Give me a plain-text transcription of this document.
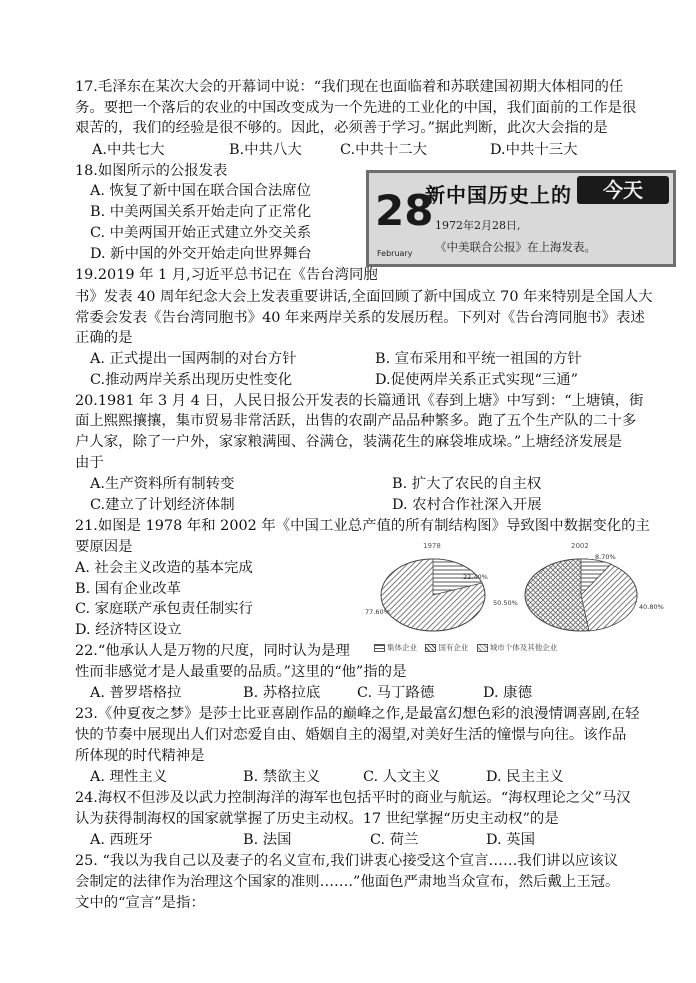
17.毛泽东在某次大会的开幕词中说：“我们现在也面临着和苏联建国初期大体相同的任
务。要把一个落后的农业的中国改变成为一个先进的工业化的中国，我们面前的工作是很
艰苦的，我们的经验是很不够的。因此，必须善于学习。”据此判断，此次大会指的是
A.中共七大	B.中共八大	C.中共十二大	D.中共十三大
18.如图所示的公报发表
A. 恢复了新中国在联合国合法席位
B. 中美两国关系开始走向了正常化
C. 中美两国开始正式建立外交关系
D. 新中国的外交开始走向世界舞台
新中国历史上的	今天
28
February
1972年2月28日,
《中美联合公报》在上海发表。
19.2019 年 1 月,习近平总书记在《告台湾同胞
书》发表 40 周年纪念大会上发表重要讲话,全面回顾了新中国成立 70 年来特别是全国人大
常委会发表《告台湾同胞书》40 年来两岸关系的发展历程。下列对《告台湾同胞书》表述
正确的是
A. 正式提出一国两制的对台方针	B. 宣布采用和平统一祖国的方针
C.推动两岸关系出现历史性变化	D.促使两岸关系正式实现“三通”
20.1981 年 3 月 4 日，人民日报公开发表的长篇通讯《春到上塘》中写到：“上塘镇，街
面上熙熙攘攘，集市贸易非常活跃，出售的农副产品品种繁多。跑了五个生产队的二十多
户人家，除了一户外，家家粮满囤、谷满仓，装满花生的麻袋堆成垛。”上塘经济发展是
由于
A.生产资料所有制转变	B. 扩大了农民的自主权
C.建立了计划经济体制	D. 农村合作社深入开展
21.如图是 1978 年和 2002 年《中国工业总产值的所有制结构图》导致图中数据变化的主
要原因是
A. 社会主义改造的基本完成
B. 国有企业改革
C. 家庭联产承包责任制实行
D. 经济特区设立
1978	2002
22.40%
77.60%
8.70%
50.50%	40.80%
集体企业	国有企业	城市个体及其他企业
22.“他承认人是万物的尺度，同时认为是理
性而非感觉才是人最重要的品质。”这里的“他”指的是
A. 普罗塔格拉	B. 苏格拉底	C. 马丁路德	D. 康德
23.《仲夏夜之梦》是莎士比亚喜剧作品的巅峰之作,是最富幻想色彩的浪漫情调喜剧,在轻
快的节奏中展现出人们对恋爱自由、婚姻自主的渴望,对美好生活的憧憬与向往。该作品
所体现的时代精神是
A. 理性主义	B. 禁欲主义	C. 人文主义	D. 民主主义
24.海权不但涉及以武力控制海洋的海军也包括平时的商业与航运。“海权理论之父”马汉
认为获得制海权的国家就掌握了历史主动权。17 世纪掌握“历史主动权”的是
A. 西班牙	B. 法国	C. 荷兰	D. 英国
25. “我以为我自己以及妻子的名义宣布,我们讲衷心接受这个宣言……我们讲以应该议
会制定的法律作为治理这个国家的准则…….”他面色严肃地当众宣布，然后戴上王冠。
文中的“宣言”是指：
